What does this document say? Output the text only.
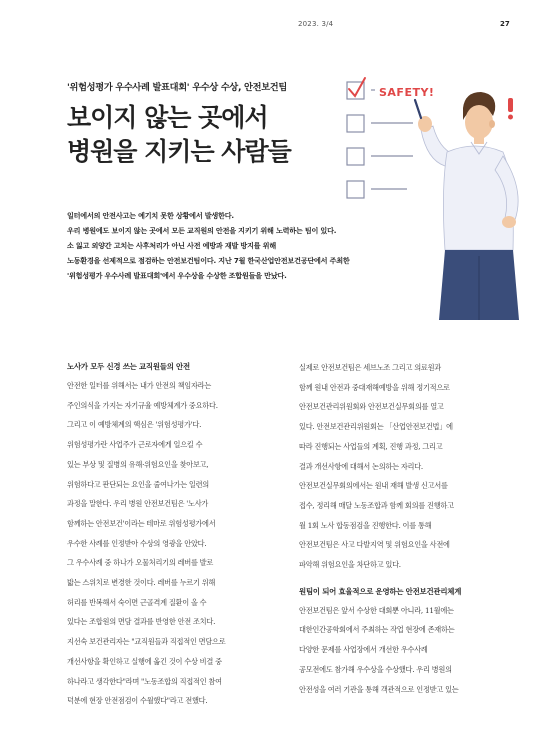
2023. 3/4	27
'위험성평가 우수사례 발표대회' 우수상 수상, 안전보건팀
보이지 않는 곳에서
병원을 지키는 사람들
SAFETY!

일터에서의 안전사고는 예기치 못한 상황에서 발생한다.

우리 병원에도 보이지 않는 곳에서 모든 교직원의 안전을 지키기 위해 노력하는 팀이 있다.

소 잃고 외양간 고치는 사후처리가 아닌 사전 예방과 재발 방지를 위해

노동환경을 선제적으로 점검하는 안전보건팀이다. 지난 7월 한국산업안전보건공단에서 주최한

'위험성평가 우수사례 발표대회'에서 우수상을 수상한 조합원들을 만났다.

노사가 모두 신경 쓰는 교직원들의 안전
안전한 일터를 위해서는 내가 안전의 책임자라는
주인의식을 가지는 자기규율 예방체계가 중요하다.
그리고 이 예방체계의 핵심은 '위험성평가'다.
위험성평가란 사업주가 근로자에게 일으킬 수
있는 부상 및 질병의 유해·위험요인을 찾아보고,
위험하다고 판단되는 요인을 줄여나가는 일련의
과정을 말한다. 우리 병원 안전보건팀은 '노사가
함께하는 안전보건'이라는 테마로 위험성평가에서
우수한 사례를 인정받아 수상의 영광을 안았다.
그 우수사례 중 하나가 오물처리기의 레버를 발로
밟는 스위치로 변경한 것이다. 레버를 누르기 위해
허리를 반복해서 숙이면 근골격계 질환이 올 수
있다는 조합원의 면담 결과를 반영한 안전 조치다.
지선숙 보건관리자는 "교직원들과 직접적인 면담으로
개선사항을 확인하고 실행에 옮긴 것이 수상 비결 중
하나라고 생각한다"라며 "노동조합의 직접적인 참여
덕분에 현장 안전점검이 수월했다"라고 전했다.
실제로 안전보건팀은 세브노조 그리고 의료원과
함께 원내 안전과 중대재해예방을 위해 정기적으로
안전보건관리위원회와 안전보건실무회의를 열고
있다. 안전보건관리위원회는 「산업안전보건법」에
따라 진행되는 사업들의 계획, 진행 과정, 그리고
결과 개선사항에 대해서 논의하는 자리다.
안전보건실무회의에서는 원내 재해 발생 신고서를
접수, 정리해 매달 노동조합과 함께 회의를 진행하고
월 1회 노사 합동점검을 진행한다. 이를 통해
안전보건팀은 사고 다발지역 및 위험요인을 사전에
파악해 위험요인을 차단하고 있다.
원팀이 되어 효율적으로 운영하는 안전보건관리체계
안전보건팀은 앞서 수상한 대회뿐 아니라, 11월에는
대한인간공학회에서 주최하는 작업 현장에 존재하는
다양한 문제를 사업장에서 개선한 우수사례
공모전에도 참가해 우수상을 수상했다. 우리 병원의
안전성을 여러 기관을 통해 객관적으로 인정받고 있는
